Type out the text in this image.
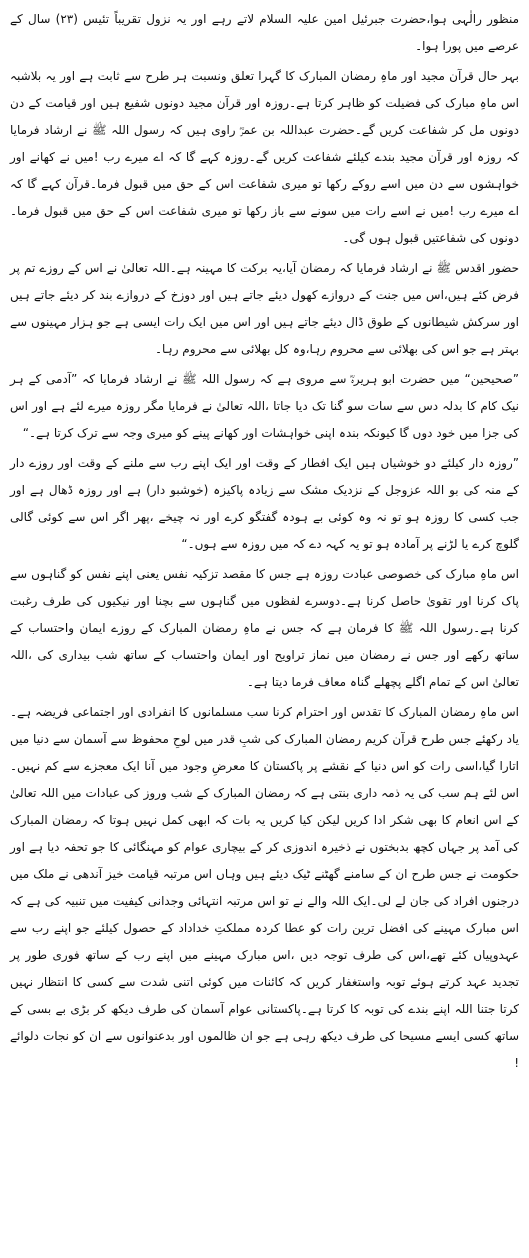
منظور رالٰہی ہوا،حضرت جبرئیل امین علیہ السلام لاتے رہے اور یہ نزول تقریباً تئیس (۲۳) سال کے عرصے میں پورا ہوا۔

بہر حال قرآن مجید اور ماہِ رمضان المبارک کا گہرا تعلق ونسبت ہر طرح سے ثابت ہے اور یہ بلاشبہ اس ماہِ مبارک کی فضیلت کو ظاہر کرتا ہے۔روزہ اور قرآن مجید دونوں شفیع ہیں اور قیامت کے دن دونوں مل کر شفاعت کریں گے۔حضرت عبداللہ بن عمرؓ راوی ہیں کہ رسول اللہ ﷺ نے ارشاد فرمایا کہ روزہ اور قرآن مجید بندے کیلئے شفاعت کریں گے۔روزہ کہے گا کہ اے میرے رب !میں نے کھانے اور خواہشوں سے دن میں اسے روکے رکھا تو میری شفاعت اس کے حق میں قبول فرما۔قرآن کہے گا کہ اے میرے رب !میں نے اسے رات میں سونے سے باز رکھا تو میری شفاعت اس کے حق میں قبول فرما۔دونوں کی شفاعتیں قبول ہوں گی۔

حضور اقدس ﷺ نے ارشاد فرمایا کہ رمضان آیا،یہ برکت کا مہینہ ہے۔اللہ تعالیٰ نے اس کے روزے تم پر فرض کئے ہیں،اس میں جنت کے دروازے کھول دیئے جاتے ہیں اور دوزخ کے دروازے بند کر دیئے جاتے ہیں اور سرکش شیطانوں کے طوق ڈال دیئے جاتے ہیں اور اس میں ایک رات ایسی ہے جو ہزار مہینوں سے بہتر ہے جو اس کی بھلائی سے محروم رہا،وہ کل بھلائی سے محروم رہا۔

”صحیحین“ میں حضرت ابو ہریرہؓ سے مروی ہے کہ رسول اللہ ﷺ نے ارشاد فرمایا کہ ”آدمی کے ہر نیک کام کا بدلہ دس سے سات سو گنا تک دیا جاتا ،اللہ تعالیٰ نے فرمایا مگر روزہ میرے لئے ہے اور اس کی جزا میں خود دوں گا کیونکہ بندہ اپنی خواہشات اور کھانے پینے کو میری وجہ سے ترک کرتا ہے۔“

”روزہ دار کیلئے دو خوشیاں ہیں ایک افطار کے وقت اور ایک اپنے رب سے ملنے کے وقت اور روزے دار کے منہ کی بو اللہ عزوجل کے نزدیک مشک سے زیادہ پاکیزہ (خوشبو دار) ہے اور روزہ ڈھال ہے اور جب کسی کا روزہ ہو تو نہ وہ کوئی بے ہودہ گفتگو کرے اور نہ چیخے ،پھر اگر اس سے کوئی گالی گلوچ کرے یا لڑنے پر آمادہ ہو تو یہ کہہ دے کہ میں روزہ سے ہوں۔“

اس ماہِ مبارک کی خصوصی عبادت روزہ ہے جس کا مقصد تزکیہ نفس یعنی اپنے نفس کو گناہوں سے پاک کرنا اور تقویٰ حاصل کرنا ہے۔دوسرے لفظوں میں گناہوں سے بچنا اور نیکیوں کی طرف رغبت کرنا ہے۔رسول اللہ ﷺ کا فرمان ہے کہ جس نے ماہِ رمضان المبارک کے روزے ایمان واحتساب کے ساتھ رکھے اور جس نے رمضان میں نماز تراویح اور ایمان واحتساب کے ساتھ شب بیداری کی ،اللہ تعالیٰ اس کے تمام اگلے پچھلے گناہ معاف فرما دیتا ہے۔

اس ماہِ رمضان المبارک کا تقدس اور احترام کرنا سب مسلمانوں کا انفرادی اور اجتماعی فریضہ ہے۔یاد رکھئے جس طرح قرآن کریم رمضان المبارک کی شبِ قدر میں لوحِ محفوظ سے آسمان سے دنیا میں اتارا گیا،اسی رات کو اس دنیا کے نقشے پر پاکستان کا معرضِ وجود میں آنا ایک معجزے سے کم نہیں۔اس لئے ہم سب کی یہ ذمہ داری بنتی ہے کہ رمضان المبارک کے شب وروز کی عبادات میں اللہ تعالیٰ کے اس انعام کا بھی شکر ادا کریں لیکن کیا کریں یہ بات کہ ابھی کمل نہیں ہوتا کہ رمضان المبارک کی آمد پر جہاں کچھ بدبختوں نے ذخیرہ اندوزی کر کے بیچاری عوام کو مہنگائی کا جو تحفہ دیا ہے اور حکومت نے جس طرح ان کے سامنے گھٹنے ٹیک دیئے ہیں وہاں اس مرتبہ قیامت خیز آندھی نے ملک میں درجنوں افراد کی جان لے لی۔ایک اللہ والے نے تو اس مرتبہ انتہائی وجدانی کیفیت میں تنبیہ کی ہے کہ اس مبارک مہینے کی افضل ترین رات کو عطا کردہ مملکتِ خداداد کے حصول کیلئے جو اپنے رب سے عہدوپیاں کئے تھے،اس کی طرف توجہ دیں ،اس مبارک مہینے میں اپنے رب کے ساتھ فوری طور پر تجدید عہد کرتے ہوئے توبہ واستغفار کریں کہ کائنات میں کوئی اتنی شدت سے کسی کا انتظار نہیں کرتا جتنا اللہ اپنے بندے کی توبہ کا کرتا ہے۔پاکستانی عوام آسمان کی طرف دیکھ کر بڑی بے بسی کے ساتھ کسی ایسے مسیحا کی طرف دیکھ رہی ہے جو ان ظالموں اور بدعنوانوں سے ان کو نجات دلوائے !
